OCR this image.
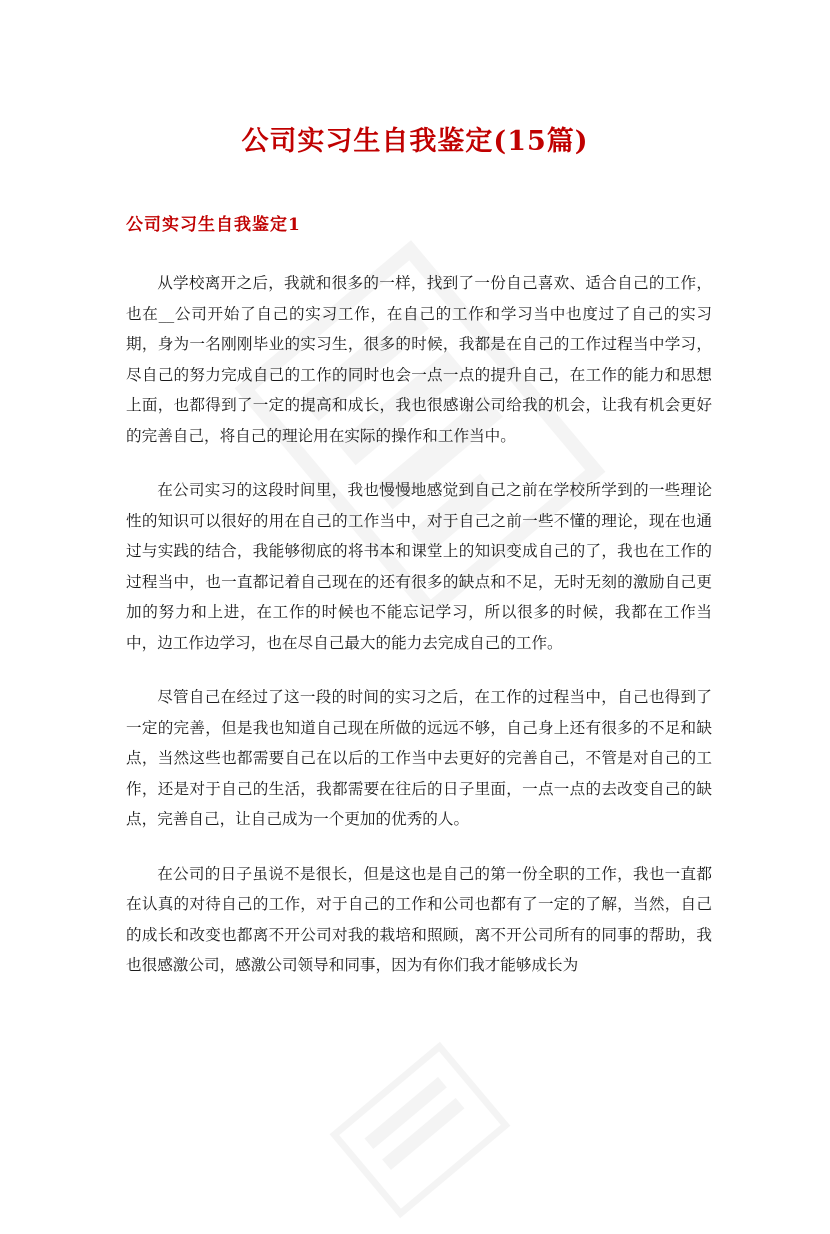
公司实习生自我鉴定(15篇)
公司实习生自我鉴定1

从学校离开之后，我就和很多的一样，找到了一份自己喜欢、适合自己的工作，也在__公司开始了自己的实习工作，在自己的工作和学习当中也度过了自己的实习期，身为一名刚刚毕业的实习生，很多的时候，我都是在自己的工作过程当中学习，尽自己的努力完成自己的工作的同时也会一点一点的提升自己，在工作的能力和思想上面，也都得到了一定的提高和成长，我也很感谢公司给我的机会，让我有机会更好的完善自己，将自己的理论用在实际的操作和工作当中。

在公司实习的这段时间里，我也慢慢地感觉到自己之前在学校所学到的一些理论性的知识可以很好的用在自己的工作当中，对于自己之前一些不懂的理论，现在也通过与实践的结合，我能够彻底的将书本和课堂上的知识变成自己的了，我也在工作的过程当中，也一直都记着自己现在的还有很多的缺点和不足，无时无刻的激励自己更加的努力和上进，在工作的时候也不能忘记学习，所以很多的时候，我都在工作当中，边工作边学习，也在尽自己最大的能力去完成自己的工作。

尽管自己在经过了这一段的时间的实习之后，在工作的过程当中，自己也得到了一定的完善，但是我也知道自己现在所做的远远不够，自己身上还有很多的不足和缺点，当然这些也都需要自己在以后的工作当中去更好的完善自己，不管是对自己的工作，还是对于自己的生活，我都需要在往后的日子里面，一点一点的去改变自己的缺点，完善自己，让自己成为一个更加的优秀的人。

在公司的日子虽说不是很长，但是这也是自己的第一份全职的工作，我也一直都在认真的对待自己的工作，对于自己的工作和公司也都有了一定的了解，当然，自己的成长和改变也都离不开公司对我的栽培和照顾，离不开公司所有的同事的帮助，我也很感激公司，感激公司领导和同事，因为有你们我才能够成长为
